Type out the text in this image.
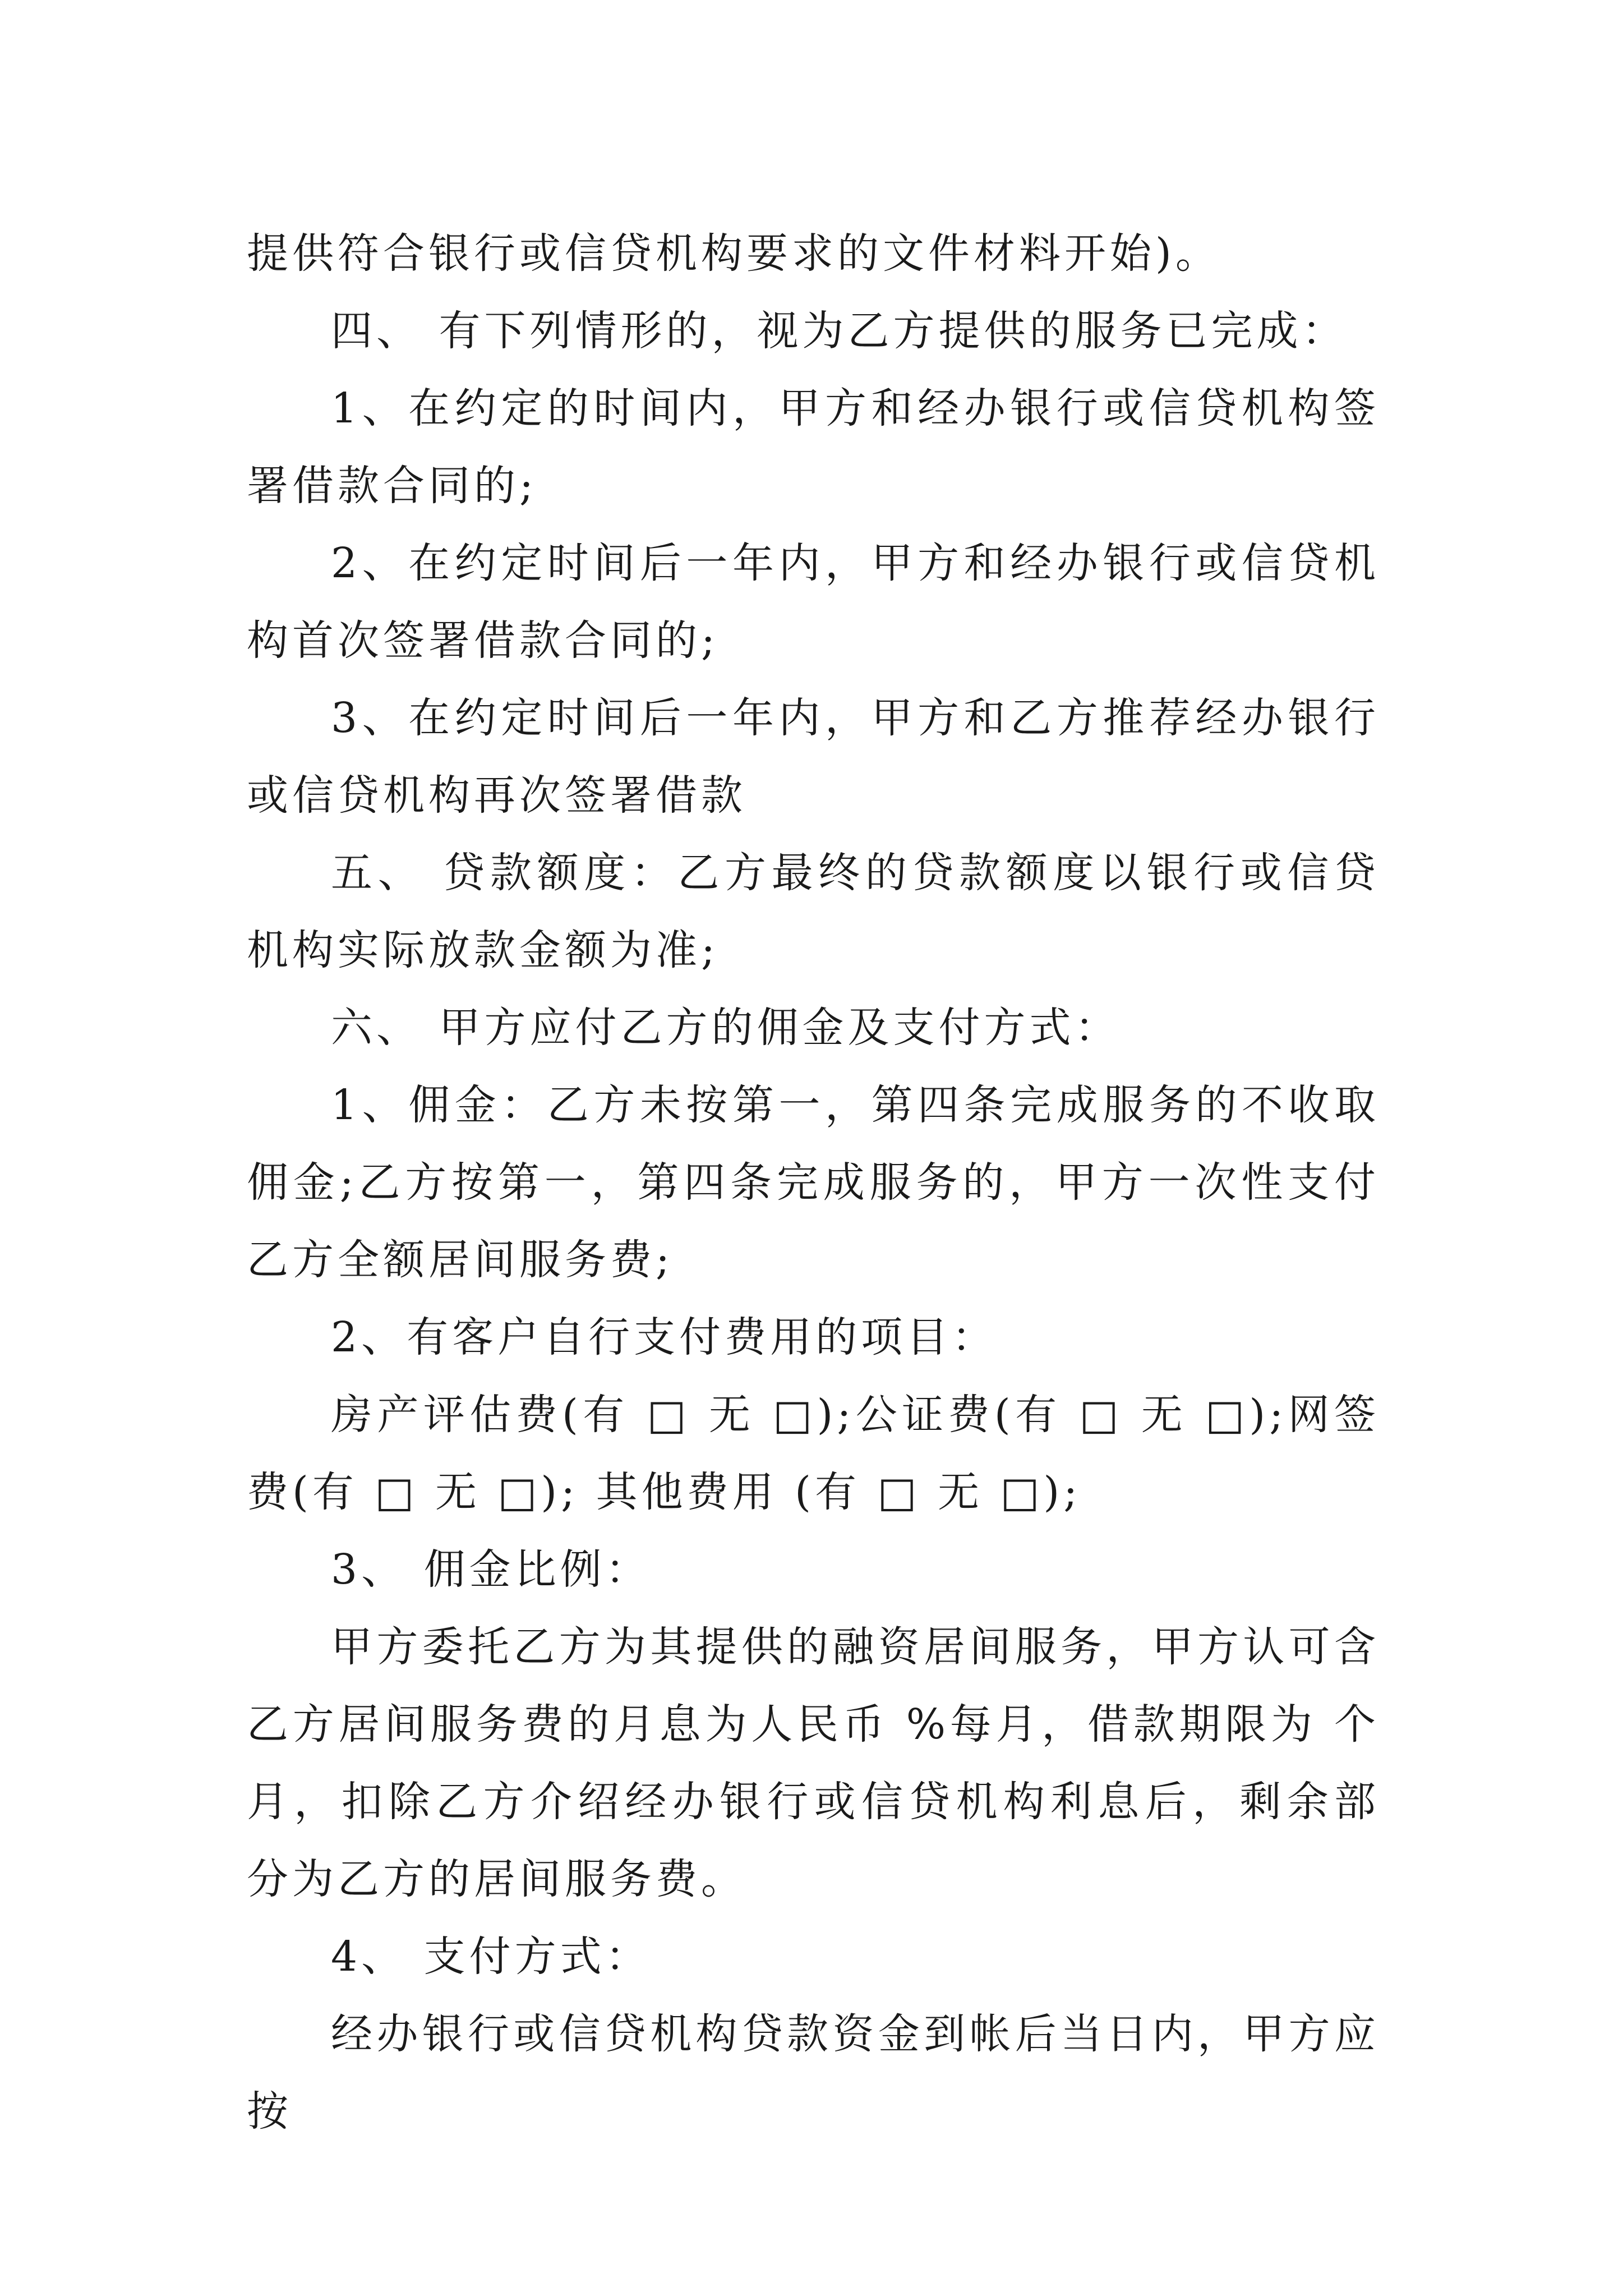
提供符合银行或信贷机构要求的文件材料开始)。

四、 有下列情形的，视为乙方提供的服务已完成：

1、在约定的时间内，甲方和经办银行或信贷机构签署借款合同的;

2、在约定时间后一年内，甲方和经办银行或信贷机构首次签署借款合同的;

3、在约定时间后一年内，甲方和乙方推荐经办银行或信贷机构再次签署借款

五、 贷款额度：乙方最终的贷款额度以银行或信贷机构实际放款金额为准;

六、 甲方应付乙方的佣金及支付方式：

1、佣金：乙方未按第一，第四条完成服务的不收取佣金;乙方按第一，第四条完成服务的，甲方一次性支付乙方全额居间服务费;

2、有客户自行支付费用的项目：

房产评估费(有 □ 无 □);公证费(有 □ 无 □);网签费(有 □ 无 □); 其他费用 (有 □ 无 □);

3、 佣金比例：

甲方委托乙方为其提供的融资居间服务，甲方认可含乙方居间服务费的月息为人民币 %每月，借款期限为 个月，扣除乙方介绍经办银行或信贷机构利息后，剩余部分为乙方的居间服务费。

4、 支付方式：

经办银行或信贷机构贷款资金到帐后当日内，甲方应按
